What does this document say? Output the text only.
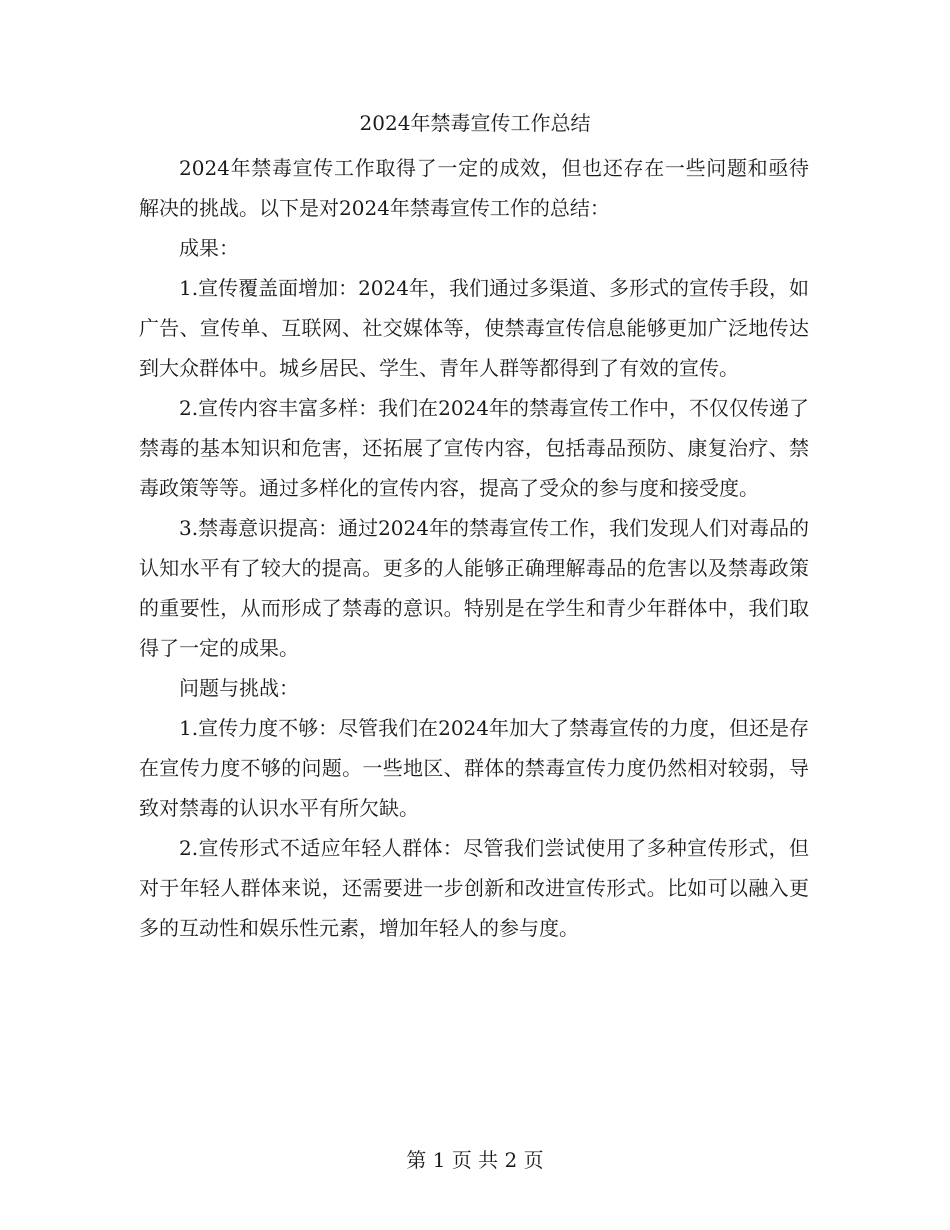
2024年禁毒宣传工作总结

2024年禁毒宣传工作取得了一定的成效，但也还存在一些问题和亟待解决的挑战。以下是对2024年禁毒宣传工作的总结：

成果：

1.宣传覆盖面增加：2024年，我们通过多渠道、多形式的宣传手段，如广告、宣传单、互联网、社交媒体等，使禁毒宣传信息能够更加广泛地传达到大众群体中。城乡居民、学生、青年人群等都得到了有效的宣传。

2.宣传内容丰富多样：我们在2024年的禁毒宣传工作中，不仅仅传递了禁毒的基本知识和危害，还拓展了宣传内容，包括毒品预防、康复治疗、禁毒政策等等。通过多样化的宣传内容，提高了受众的参与度和接受度。

3.禁毒意识提高：通过2024年的禁毒宣传工作，我们发现人们对毒品的认知水平有了较大的提高。更多的人能够正确理解毒品的危害以及禁毒政策的重要性，从而形成了禁毒的意识。特别是在学生和青少年群体中，我们取得了一定的成果。

问题与挑战：

1.宣传力度不够：尽管我们在2024年加大了禁毒宣传的力度，但还是存在宣传力度不够的问题。一些地区、群体的禁毒宣传力度仍然相对较弱，导致对禁毒的认识水平有所欠缺。

2.宣传形式不适应年轻人群体：尽管我们尝试使用了多种宣传形式，但对于年轻人群体来说，还需要进一步创新和改进宣传形式。比如可以融入更多的互动性和娱乐性元素，增加年轻人的参与度。

第 1 页 共 2 页
